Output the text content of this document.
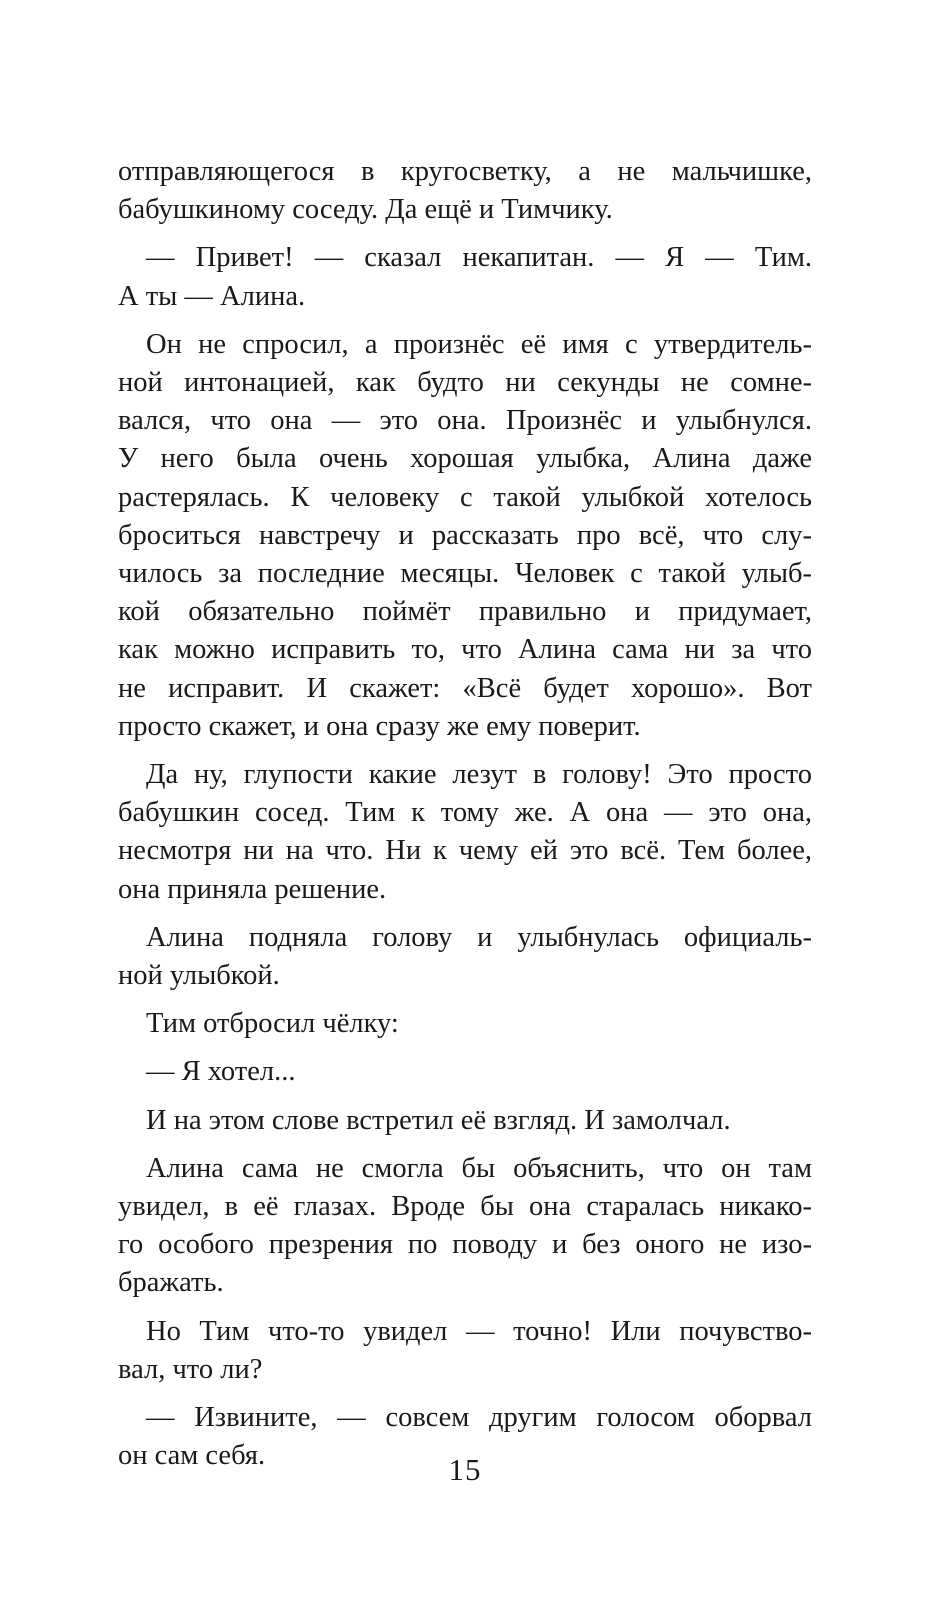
отправляющегося в кругосветку, а не мальчишке,
бабушкиному соседу. Да ещё и Тимчику.
— Привет! — сказал некапитан. — Я — Тим.
А ты — Алина.
Он не спросил, а произнёс её имя с утвердитель-
ной интонацией, как будто ни секунды не сомне-
вался, что она — это она. Произнёс и улыбнулся.
У него была очень хорошая улыбка, Алина даже
растерялась. К человеку с такой улыбкой хотелось
броситься навстречу и рассказать про всё, что слу-
чилось за последние месяцы. Человек с такой улыб-
кой обязательно поймёт правильно и придумает,
как можно исправить то, что Алина сама ни за что
не исправит. И скажет: «Всё будет хорошо». Вот
просто скажет, и она сразу же ему поверит.
Да ну, глупости какие лезут в голову! Это просто
бабушкин сосед. Тим к тому же. А она — это она,
несмотря ни на что. Ни к чему ей это всё. Тем более,
она приняла решение.
Алина подняла голову и улыбнулась официаль-
ной улыбкой.
Тим отбросил чёлку:
— Я хотел...
И на этом слове встретил её взгляд. И замолчал.
Алина сама не смогла бы объяснить, что он там
увидел, в её глазах. Вроде бы она старалась никако-
го особого презрения по поводу и без оного не изо-
бражать.
Но Тим что-то увидел — точно! Или почувство-
вал, что ли?
— Извините, — совсем другим голосом оборвал
он сам себя.	15
